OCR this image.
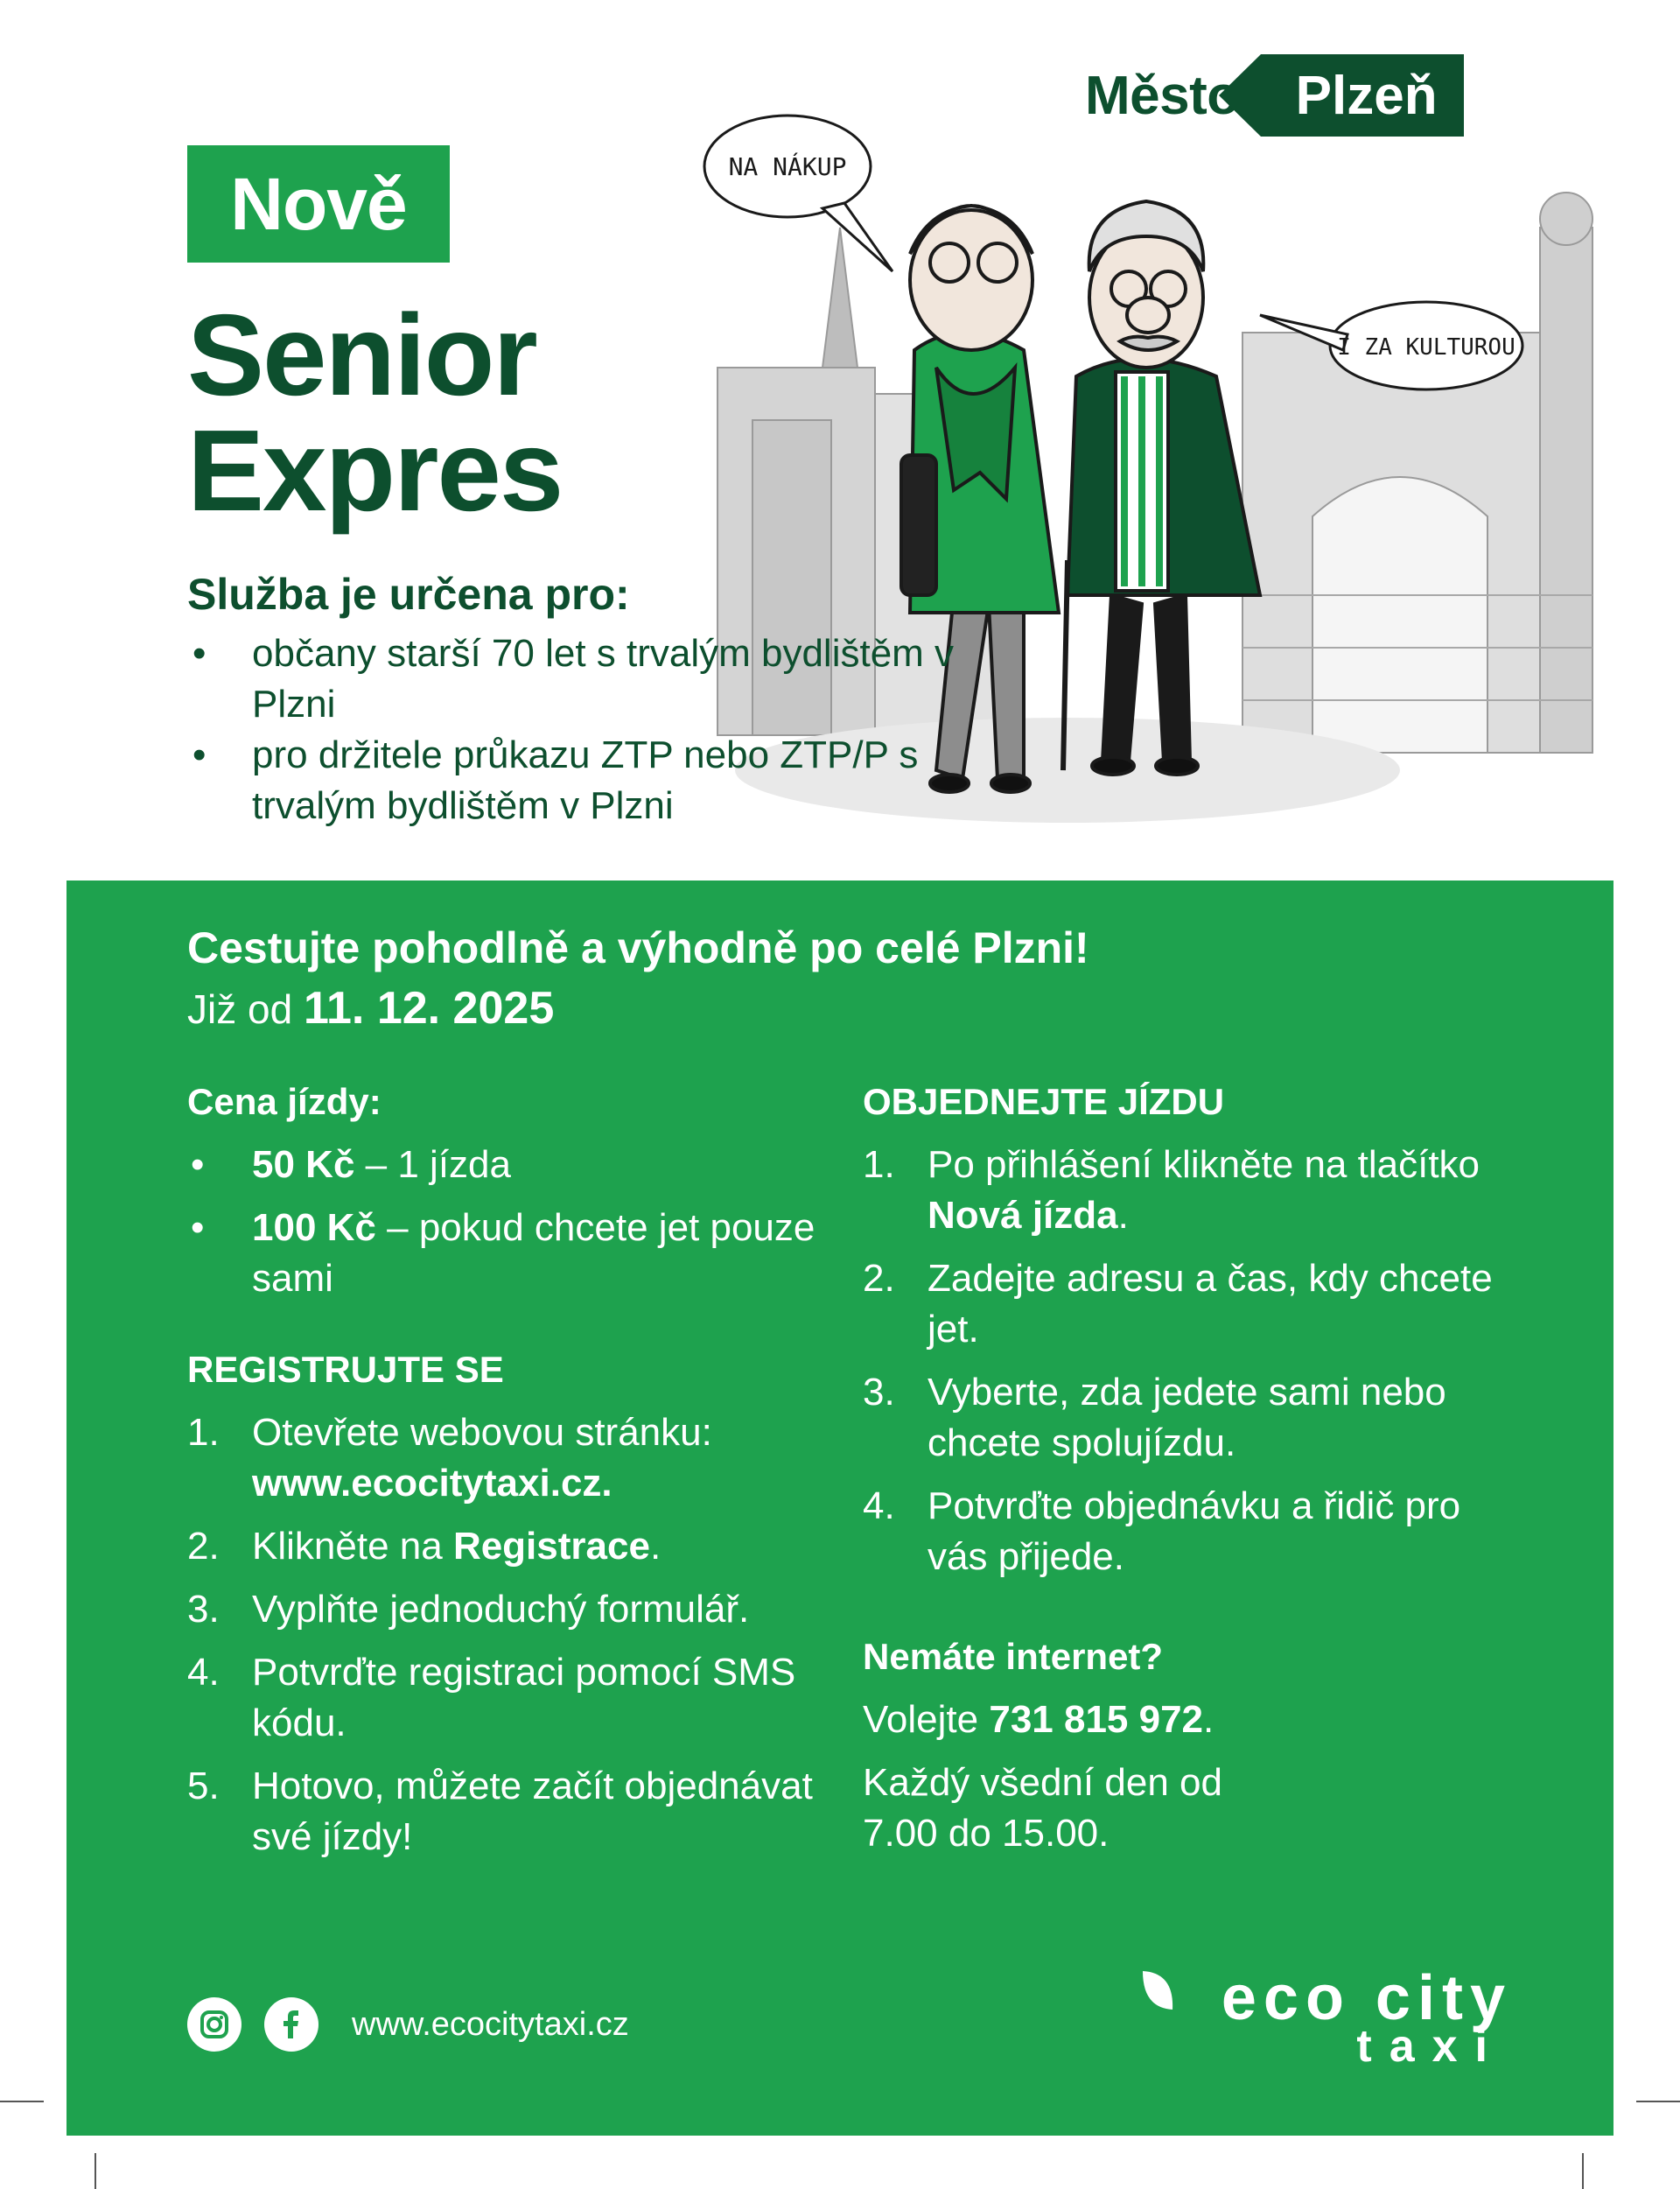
Město	Plzeň
Nově
Senior
Expres
NA NÁKUP
I ZA KULTUROU
Služba je určena pro:
• občany starší 70 let s trvalým bydlištěm v Plzni
• pro držitele průkazu ZTP nebo ZTP/P s trvalým bydlištěm v Plzni
Cestujte pohodlně a výhodně po celé Plzni!
Již od 11. 12. 2025
Cena jízdy:
• 50 Kč – 1 jízda
• 100 Kč – pokud chcete jet pouze sami
REGISTRUJTE SE
1. Otevřete webovou stránku:
www.ecocitytaxi.cz.
2. Klikněte na Registrace.
3. Vyplňte jednoduchý formulář.
4. Potvrďte registraci pomocí SMS kódu.
5. Hotovo, můžete začít objednávat své jízdy!
OBJEDNEJTE JÍZDU
1. Po přihlášení klikněte na tlačítko Nová jízda.
2. Zadejte adresu a čas, kdy chcete jet.
3. Vyberte, zda jedete sami nebo chcete spolujízdu.
4. Potvrďte objednávku a řidič pro vás přijede.
Nemáte internet?

Volejte 731 815 972.

Každý všední den od 7.00 do 15.00.

www.ecocitytaxi.cz	eco city
taxi
